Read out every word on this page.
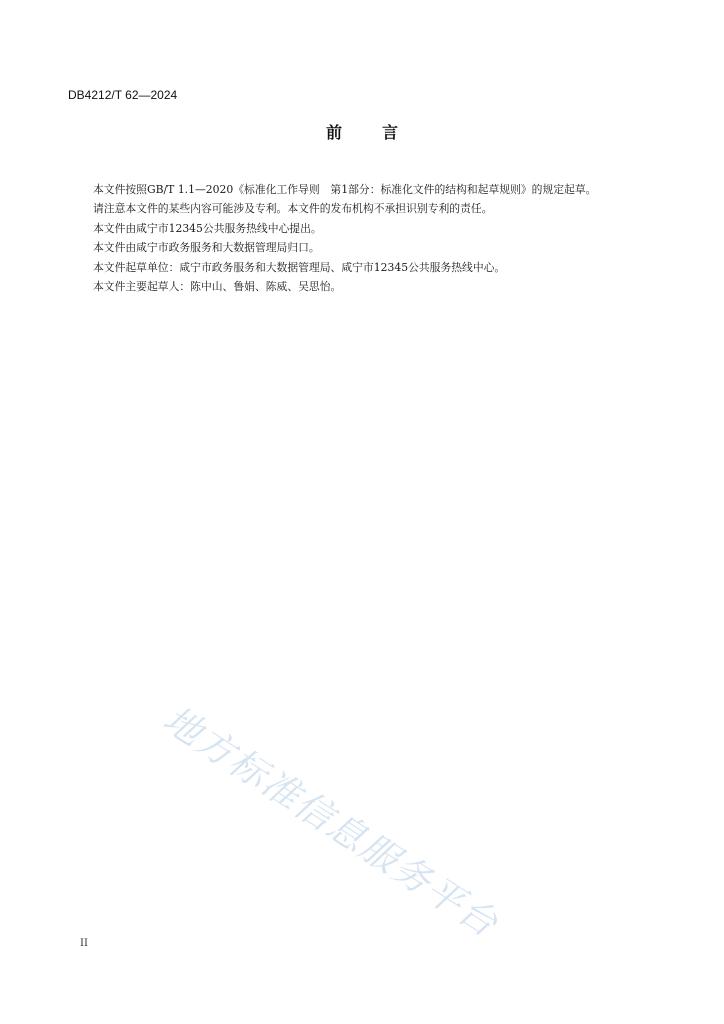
DB4212/T 62—2024
前	言

本文件按照GB/T 1.1—2020《标准化工作导则　第1部分：标准化文件的结构和起草规则》的规定起草。

请注意本文件的某些内容可能涉及专利。本文件的发布机构不承担识别专利的责任。

本文件由咸宁市12345公共服务热线中心提出。

本文件由咸宁市政务服务和大数据管理局归口。

本文件起草单位：咸宁市政务服务和大数据管理局、咸宁市12345公共服务热线中心。

本文件主要起草人：陈中山、鲁娟、陈威、吴思怡。

地方标准信息服务平台
II
